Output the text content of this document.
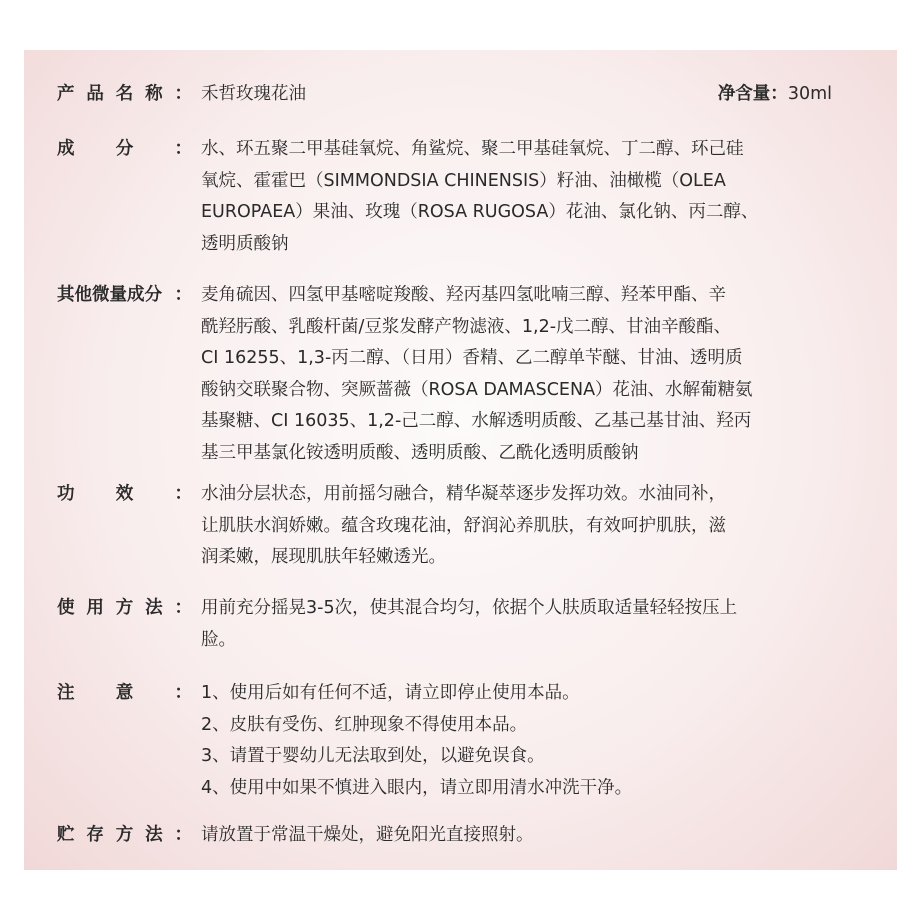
产 品 名 称 ： 禾哲玫瑰花油	净含量：30ml
成 分 ： 水、环五聚二甲基硅氧烷、角鲨烷、聚二甲基硅氧烷、丁二醇、环己硅
氧烷、霍霍巴（SIMMONDSIA CHINENSIS）籽油、油橄榄（OLEA
EUROPAEA）果油、玫瑰（ROSA RUGOSA）花油、氯化钠、丙二醇、
透明质酸钠
其他微量成分 ： 麦角硫因、四氢甲基嘧啶羧酸、羟丙基四氢吡喃三醇、羟苯甲酯、辛
酰羟肟酸、乳酸杆菌/豆浆发酵产物滤液、1,2-戊二醇、甘油辛酸酯、
CI 16255、1,3-丙二醇、（日用）香精、乙二醇单苄醚、甘油、透明质
酸钠交联聚合物、突厥蔷薇（ROSA DAMASCENA）花油、水解葡糖氨
基聚糖、CI 16035、1,2-己二醇、水解透明质酸、乙基己基甘油、羟丙
基三甲基氯化铵透明质酸、透明质酸、乙酰化透明质酸钠
功 效 ： 水油分层状态，用前摇匀融合，精华凝萃逐步发挥功效。水油同补，
让肌肤水润娇嫩。蕴含玫瑰花油，舒润沁养肌肤，有效呵护肌肤，滋
润柔嫩，展现肌肤年轻嫩透光。
使 用 方 法 ： 用前充分摇晃3-5次，使其混合均匀，依据个人肤质取适量轻轻按压上
脸。
注 意 ： 1、使用后如有任何不适，请立即停止使用本品。
2、皮肤有受伤、红肿现象不得使用本品。
3、请置于婴幼儿无法取到处，以避免误食。
4、使用中如果不慎进入眼内，请立即用清水冲洗干净。
贮 存 方 法 ： 请放置于常温干燥处，避免阳光直接照射。
